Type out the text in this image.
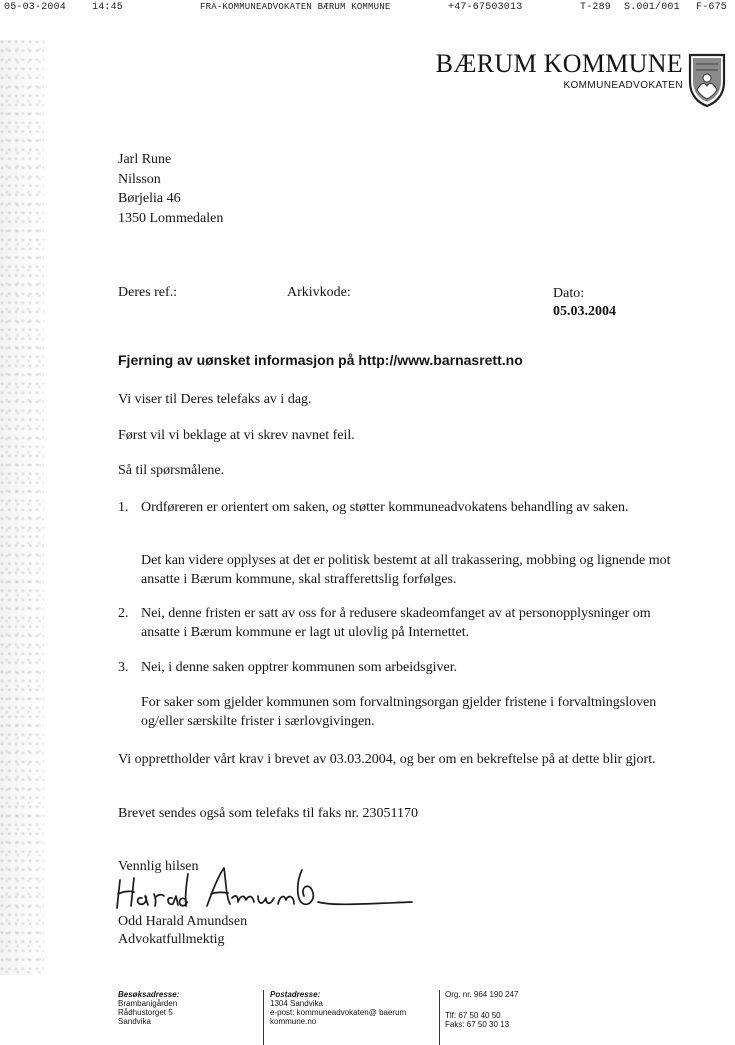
05-03-2004	14:45	FRA-KOMMUNEADVOKATEN BÆRUM KOMMUNE	+47-67503013	T-289 S.001/001 F-675
BÆRUM KOMMUNE
KOMMUNEADVOKATEN
Jarl Rune
Nilsson
Børjelia 46
1350 Lommedalen
Deres ref.:	Arkivkode:	Dato:
05.03.2004
Fjerning av uønsket informasjon på http://www.barnasrett.no
Vi viser til Deres telefaks av i dag.
Først vil vi beklage at vi skrev navnet feil.
Så til spørsmålene.
1. Ordføreren er orientert om saken, og støtter kommuneadvokatens behandling av saken.
Det kan videre opplyses at det er politisk bestemt at all trakassering, mobbing og lignende mot ansatte i Bærum kommune, skal strafferettslig forfølges.
2. Nei, denne fristen er satt av oss for å redusere skadeomfanget av at personopplysninger om ansatte i Bærum kommune er lagt ut ulovlig på Internettet.
3. Nei, i denne saken opptrer kommunen som arbeidsgiver.
For saker som gjelder kommunen som forvaltningsorgan gjelder fristene i forvaltningsloven og/eller særskilte frister i særlovgivingen.
Vi opprettholder vårt krav i brevet av 03.03.2004, og ber om en bekreftelse på at dette blir gjort.
Brevet sendes også som telefaks til faks nr. 23051170
Vennlig hilsen
Odd Harald Amundsen
Advokatfullmektig
Besøksadresse:
Brambanigården
Rådhustorget 5
Sandvika
Postadresse:
1304 Sandvika
e-post: kommuneadvokaten@ baerum
kommune.no
Org. nr. 964 190 247
Tlf: 67 50 40 50
Faks: 67 50 30 13
